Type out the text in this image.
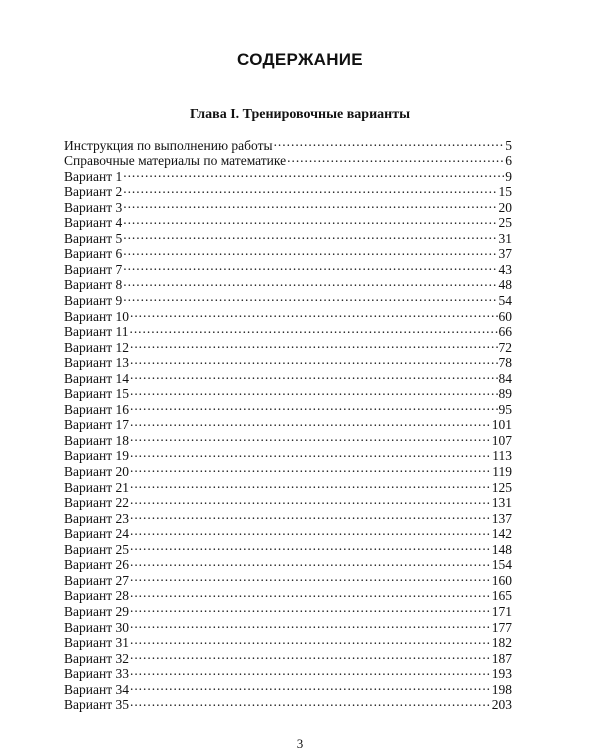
СОДЕРЖАНИЕ
Глава I. Тренировочные варианты
Инструкция по выполнению работы . . .	5
Справочные материалы по математике . . .	6
Вариант 1 . . .	9
Вариант 2 . . .	15
Вариант 3 . . .	20
Вариант 4 . . .	25
Вариант 5 . . .	31
Вариант 6 . . .	37
Вариант 7 . . .	43
Вариант 8 . . .	48
Вариант 9 . . .	54
Вариант 10 . . .	60
Вариант 11 . . .	66
Вариант 12 . . .	72
Вариант 13 . . .	78
Вариант 14 . . .	84
Вариант 15 . . .	89
Вариант 16 . . .	95
Вариант 17 . . .	101
Вариант 18 . . .	107
Вариант 19 . . .	113
Вариант 20 . . .	119
Вариант 21 . . .	125
Вариант 22 . . .	131
Вариант 23 . . .	137
Вариант 24 . . .	142
Вариант 25 . . .	148
Вариант 26 . . .	154
Вариант 27 . . .	160
Вариант 28 . . .	165
Вариант 29 . . .	171
Вариант 30 . . .	177
Вариант 31 . . .	182
Вариант 32 . . .	187
Вариант 33 . . .	193
Вариант 34 . . .	198
Вариант 35 . . .	203
3
